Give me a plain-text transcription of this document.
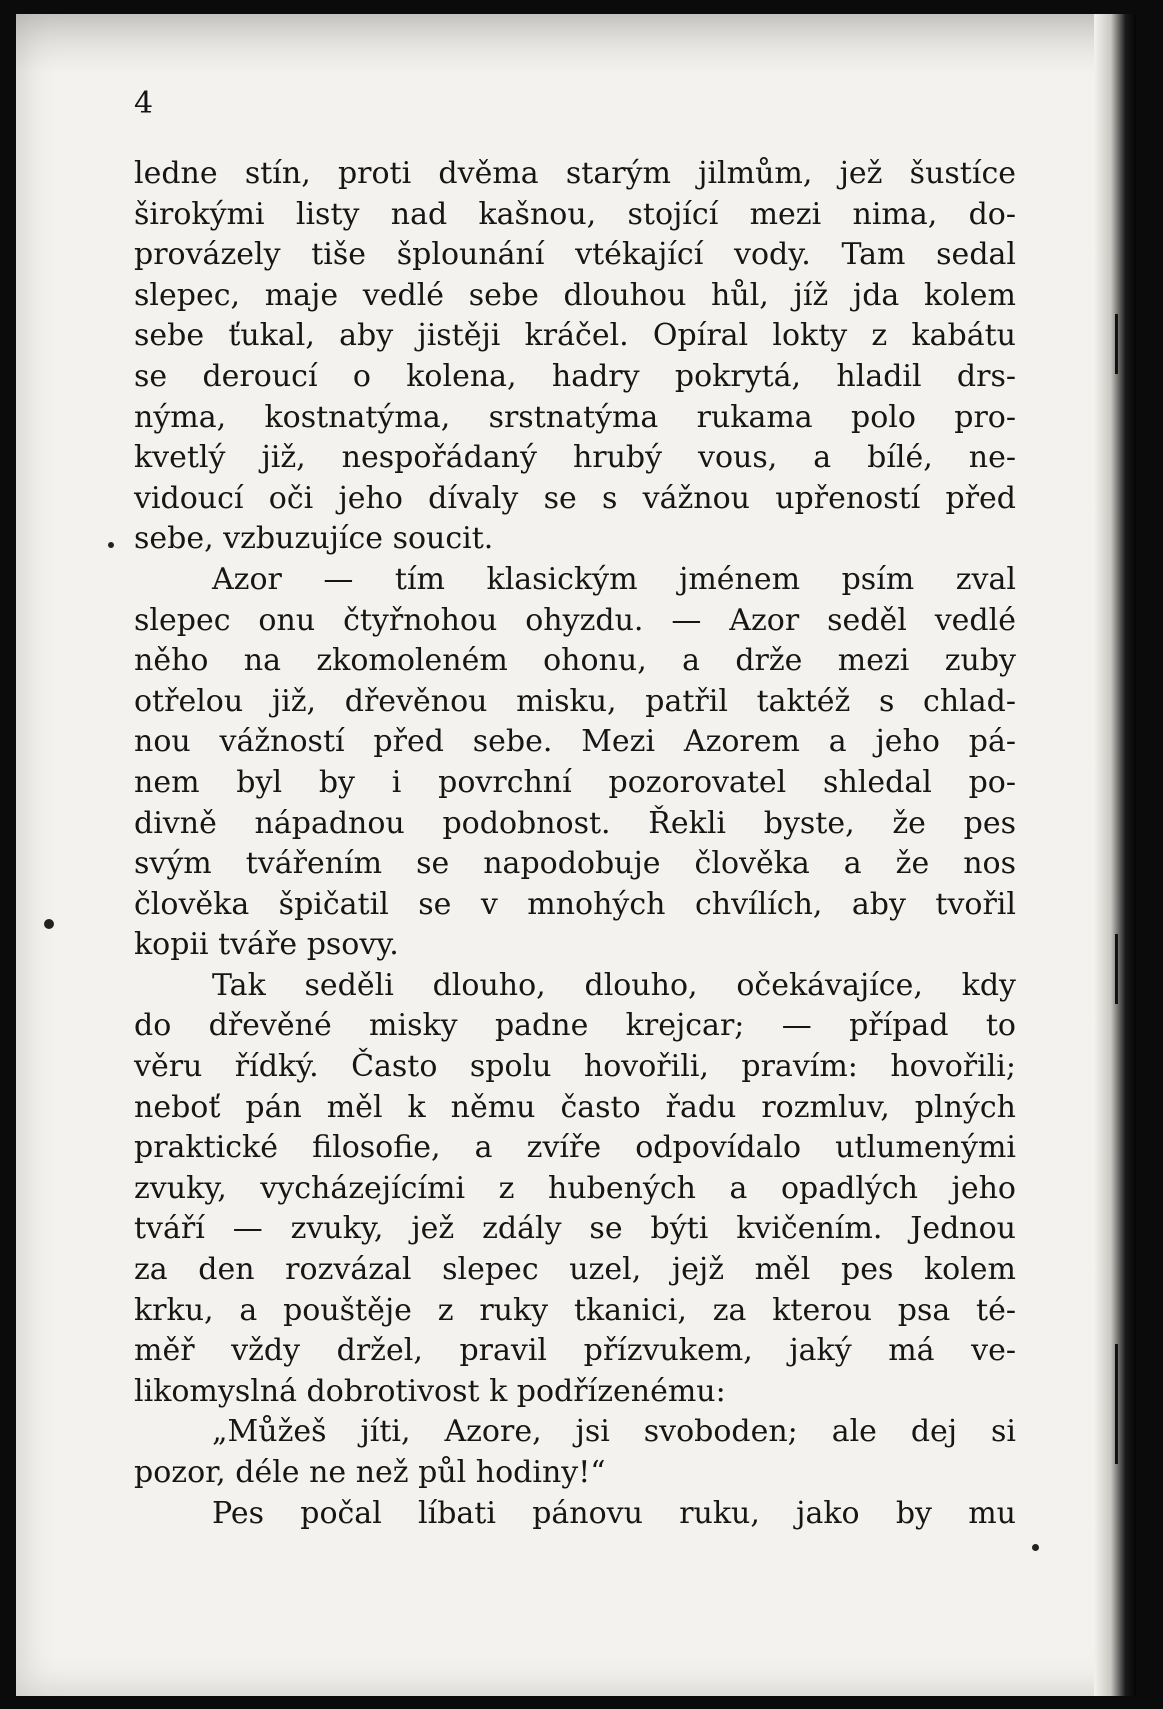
4
ledne stín, proti dvěma starým jilmům, jež šustíce
širokými listy nad kašnou, stojící mezi nima, do-
provázely tiše šplounání vtékající vody. Tam sedal
slepec, maje vedlé sebe dlouhou hůl, jíž jda kolem
sebe ťukal, aby jistěji kráčel. Opíral lokty z kabátu
se deroucí o kolena, hadry pokrytá, hladil drs-
nýma, kostnatýma, srstnatýma rukama polo pro-
kvetlý již, nespořádaný hrubý vous, a bílé, ne-
vidoucí oči jeho dívaly se s vážnou upřeností před
sebe, vzbuzujíce soucit.
Azor — tím klasickým jménem psím zval
slepec onu čtyřnohou ohyzdu. — Azor seděl vedlé
něho na zkomoleném ohonu, a drže mezi zuby
otřelou již, dřevěnou misku, patřil taktéž s chlad-
nou vážností před sebe. Mezi Azorem a jeho pá-
nem byl by i povrchní pozorovatel shledal po-
divně nápadnou podobnost. Řekli byste, že pes
svým tvářením se napodobuje člověka a že nos
člověka špičatil se v mnohých chvílích, aby tvořil
kopii tváře psovy.
Tak seděli dlouho, dlouho, očekávajíce, kdy
do dřevěné misky padne krejcar; — případ to
věru řídký. Často spolu hovořili, pravím: hovořili;
neboť pán měl k němu často řadu rozmluv, plných
praktické filosofie, a zvíře odpovídalo utlumenými
zvuky, vycházejícími z hubených a opadlých jeho
tváří — zvuky, jež zdály se býti kvičením. Jednou
za den rozvázal slepec uzel, jejž měl pes kolem
krku, a pouštěje z ruky tkanici, za kterou psa té-
měř vždy držel, pravil přízvukem, jaký má ve-
likomyslná dobrotivost k podřízenému:
„Můžeš jíti, Azore, jsi svoboden; ale dej si
pozor, déle ne než půl hodiny!“
Pes počal líbati pánovu ruku, jako by mu
